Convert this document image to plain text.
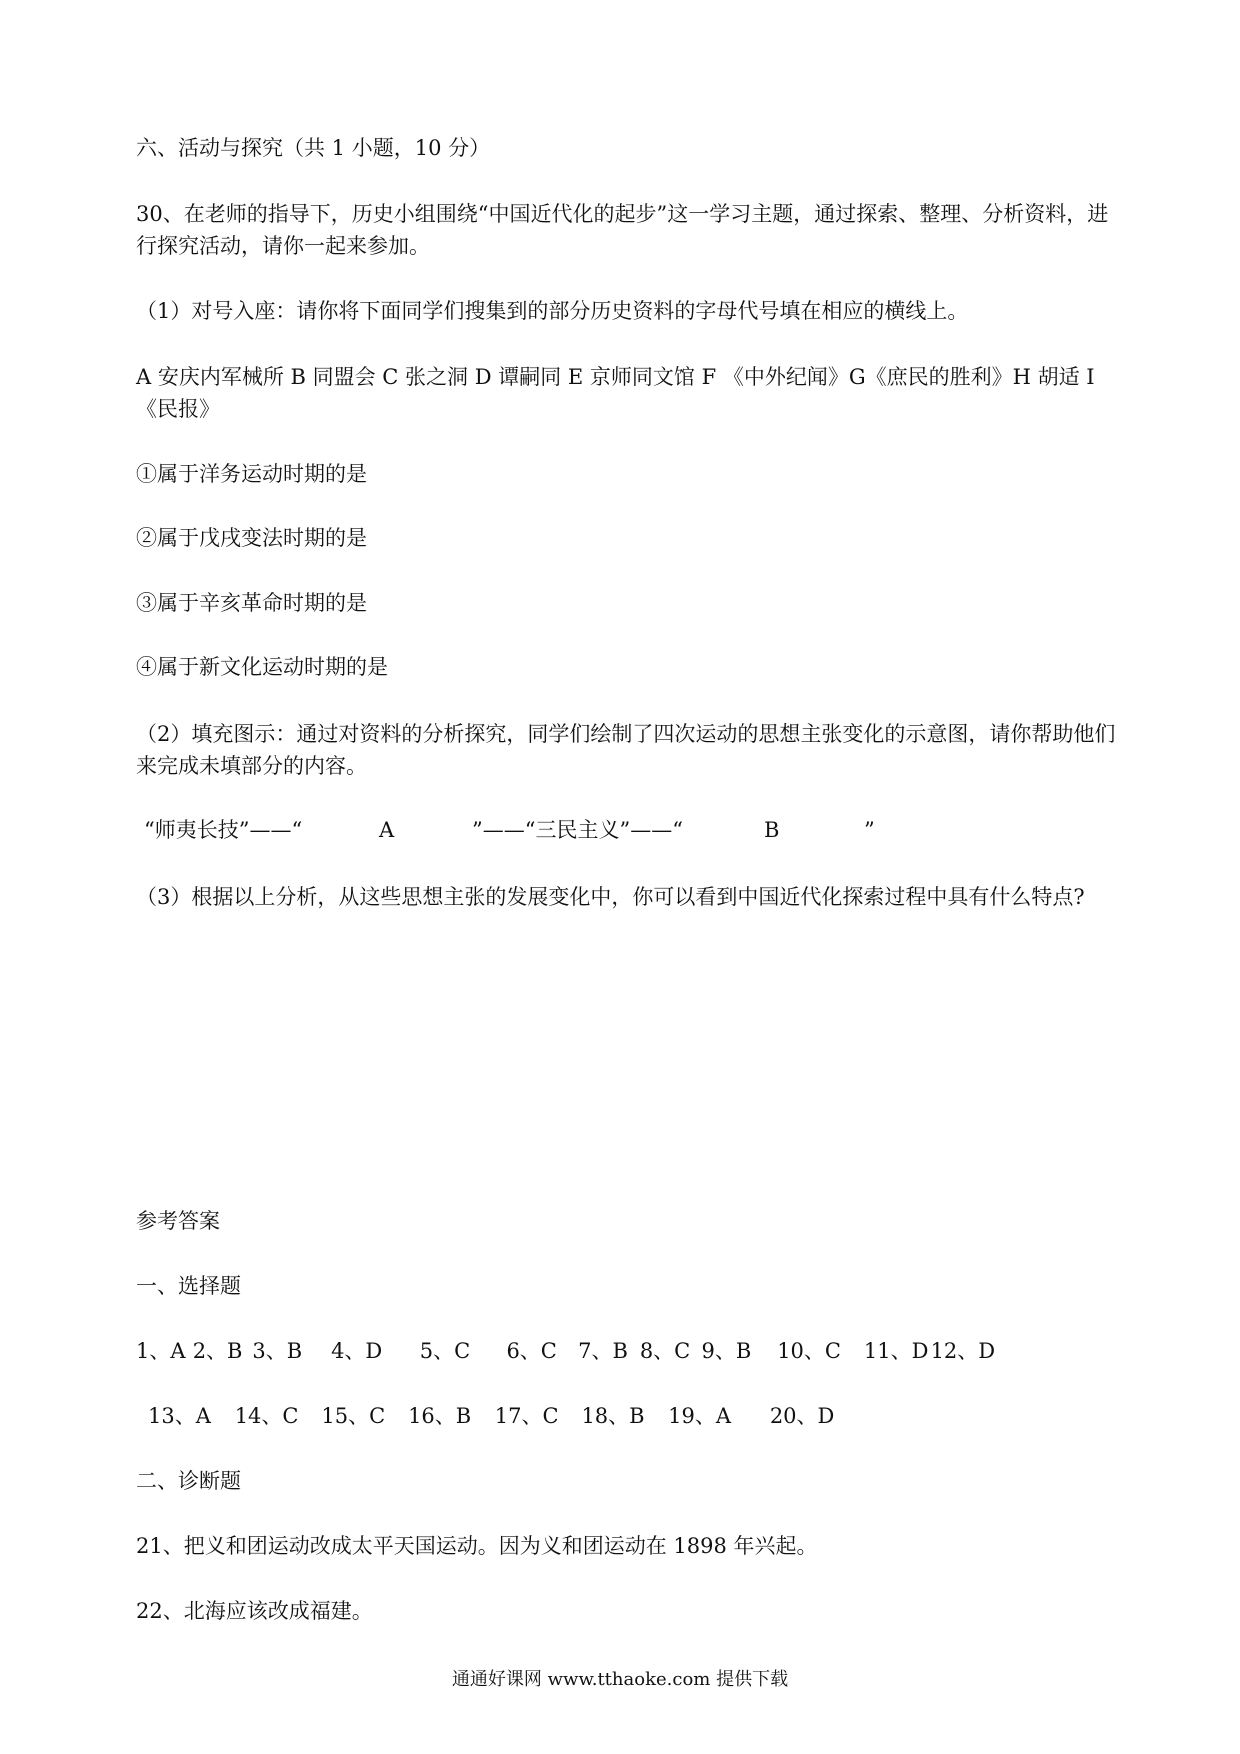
六、活动与探究（共 1 小题，10 分）
30、在老师的指导下，历史小组围绕“中国近代化的起步”这一学习主题，通过探索、整理、分析资料，进行探究活动，请你一起来参加。
（1）对号入座：请你将下面同学们搜集到的部分历史资料的字母代号填在相应的横线上。
A 安庆内军械所 B 同盟会 C 张之洞 D 谭嗣同 E 京师同文馆 F 《中外纪闻》G《庶民的胜利》H 胡适 I 《民报》
①属于洋务运动时期的是
②属于戊戌变法时期的是
③属于辛亥革命时期的是
④属于新文化运动时期的是
（2）填充图示：通过对资料的分析探究，同学们绘制了四次运动的思想主张变化的示意图，请你帮助他们来完成未填部分的内容。
“师夷长技”——“	A	”——“三民主义”——“	B	”
（3）根据以上分析，从这些思想主张的发展变化中，你可以看到中国近代化探索过程中具有什么特点?
参考答案
一、选择题
1、A 2、B 3、B 4、D 5、C 6、C 7、B 8、C 9、B 10、C 11、D 12、D
13、A 14、C 15、C 16、B 17、C 18、B 19、A 20、D
二、诊断题
21、把义和团运动改成太平天国运动。因为义和团运动在 1898 年兴起。
22、北海应该改成福建。
通通好课网 www.tthaoke.com 提供下载
